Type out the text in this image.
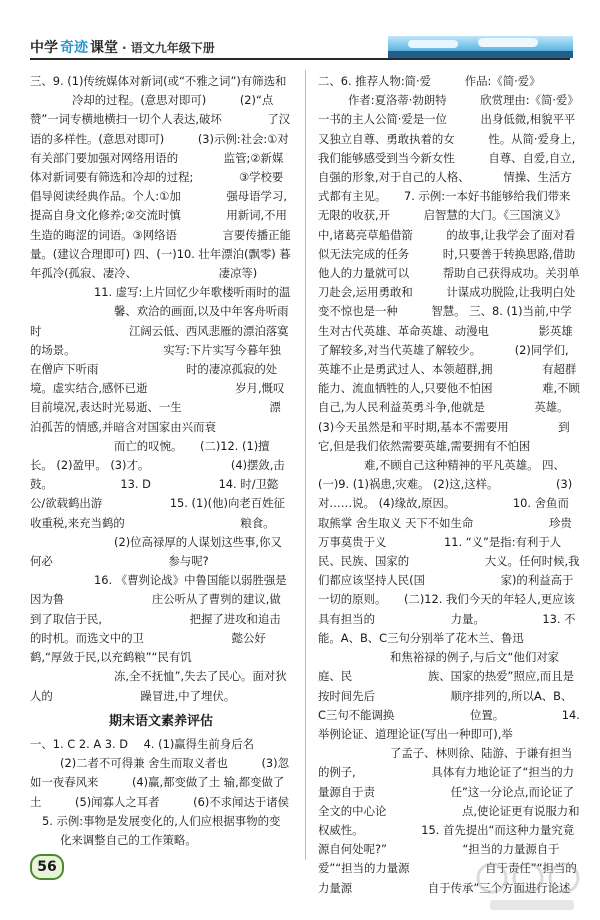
中学 奇迹 课堂 · 语文九年级下册
三、9. (1)传统媒体对新词(或“不雅之词”)有筛选和 冷却的过程。(意思对即可)	(2)“点赞”一词专横地横扫一切个人表达,破坏	了汉语的多样性。(意思对即可)	(3)示例:社会:①对有关部门要加强对网络用语的	监管;②新媒体对新词要有筛选和冷却的过程;	③学校要倡导阅读经典作品。个人:①加	强母语学习,提高自身文化修养;②交流时慎	用新词,不用生造的晦涩的词语。③网络语	言要传播正能量。(建议合理即可) 四、(一)10. 壮年漂泊(飘零) 暮年孤冷(孤寂、凄冷、	凄凉等) 11. 虚写:上片回忆少年歌楼听雨时的温 馨、欢洽的画面,以及中年客舟听雨时	江阔云低、西风悲雁的漂泊落寞的场景。	实写:下片实写今暮年独在僧庐下听雨	时的凄凉孤寂的处境。虚实结合,感怀已逝	岁月,慨叹目前境况,表达时光易逝、一生	漂泊孤苦的情感,并暗含对国家由兴而衰 而亡的叹惋。 (二)12. (1)擅长。 (2)盈甲。 (3)才。	(4)摆敛,击鼓。	13. D	14. 时/卫懿公/欲载鹤出游	15. (1)(他)向老百姓征收重税,来充当鹤的	粮食。 (2)位高禄厚的人谋划这些事,你又何必	参与呢? 16. 《曹刿论战》中鲁国能以弱胜强是因为鲁	庄公听从了曹刿的建议,做到了取信于民,	把握了进攻和追击的时机。而选文中的卫	懿公好鹤,“厚敛于民,以充鹤粮”“民有饥 冻,全不抚恤”,失去了民心。面对狄人的	躁冒进,中了埋伏。
期末语文素养评估
一、1. C 2. A 3. D 4. (1)赢得生前身后名 (2)二者不可得兼 舍生而取义者也	(3)忽如一夜春风来	(4)赢,都变做了土 输,都变做了土	(5)闻寡人之耳者	(6)不求闻达于诸侯 5. 示例:事物是发展变化的,人们应根据事物的变 化来调整自己的工作策略。
二、6. 推荐人物:简·爱	作品:《简·爱》 作者:夏洛蒂·勃朗特	欣赏理由:《简·爱》一书的主人公简·爱是一位	出身低微,相貌平平又独立自尊、勇敢执着的女	性。从简·爱身上,我们能够感受到当今新女性	自尊、自爱,自立,自强的形象,对于自己的人格、	情操、生活方式都有主见。 7. 示例:一本好书能够给我们带来无限的收获,开	启智慧的大门。《三国演义》中,诸葛亮草船借箭	的故事,让我学会了面对看似无法完成的任务	时,只要善于转换思路,借助他人的力量就可以	帮助自己获得成功。关羽单刀赴会,运用勇敢和	计谋成功脱险,让我明白处变不惊也是一种	智慧。 三、8. (1)当前,中学生对古代英雄、革命英雄、动漫电	影英雄了解较多,对当代英雄了解较少。	(2)同学们,英雄不止是勇武过人、本领超群,拥	有超群能力、流血牺牲的人,只要他不怕困	难,不顾自己,为人民利益英勇斗争,他就是	英雄。(3)今天虽然是和平时期,基本不需要用	到它,但是我们依然需要英雄,需要拥有不怕困 难,不顾自己这种精神的平凡英雄。 四、(一)9. (1)祸患,灾难。 (2)这,这样。	(3)对……说。 (4)缘故,原因。	10. 舍鱼而取熊掌 舍生取义 天下不如生命	珍贵 万事莫贵于义	11. “义”是指:有利于人民、民族、国家的	大义。任何时候,我们都应该坚持人民(国	家)的利益高于一切的原则。 (二)12. 我们今天的年轻人,更应该具有担当的	力量。	13. 不能。A、B、C三句分别举了花木兰、鲁迅 和焦裕禄的例子,与后文“他们对家庭、民	族、国家的热爱”照应,而且是按时间先后	顺序排列的,所以A、B、C三句不能调换	位置。	14. 举例论证、道理论证(写出一种即可),举 了孟子、林则徐、陆游、于谦有担当的例子,	具体有力地论证了“担当的力量源自于责	任”这一分论点,而论证了全文的中心论	点,使论证更有说服力和权威性。	15. 首先提出“而这种力量究竟源自何处呢?”	“担当的力量源自于爱”“担当的力量源	自于责任”“担当的力量源	自于传承”三个方面进行论述
56
